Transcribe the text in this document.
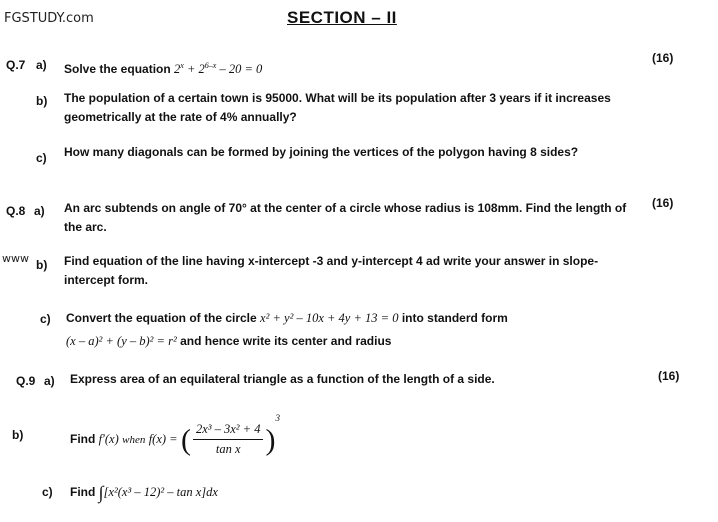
FGSTUDY.com
www
SECTION – II
Q.7 a) Solve the equation $2^x + 2^{6-x} - 20 = 0$
(16)
b) The population of a certain town is 95000. What will be its population after 3 years if it increases geometrically at the rate of 4% annually?
c) How many diagonals can be formed by joining the vertices of the polygon having 8 sides?
Q.8 a) An arc subtends on angle of 70° at the center of a circle whose radius is 108mm. Find the length of the arc.
(16)
b) Find equation of the line having x-intercept -3 and y-intercept 4 ad write your answer in slope-intercept form.
c) Convert the equation of the circle x² + y² – 10x + 4y + 13 = 0 into standerd form
(x – a)² + (y – b)² = r² and hence write its center and radius
Q.9 a) Express area of an equilateral triangle as a function of the length of a side.	(16)
b)	Find f′(x) when f(x) = ( $\frac{\text{2x³ – 3x² + 4}}{\text{tan x}} )^3$
c) Find ∫[x²(x³ – 12)² – tan x]dx
